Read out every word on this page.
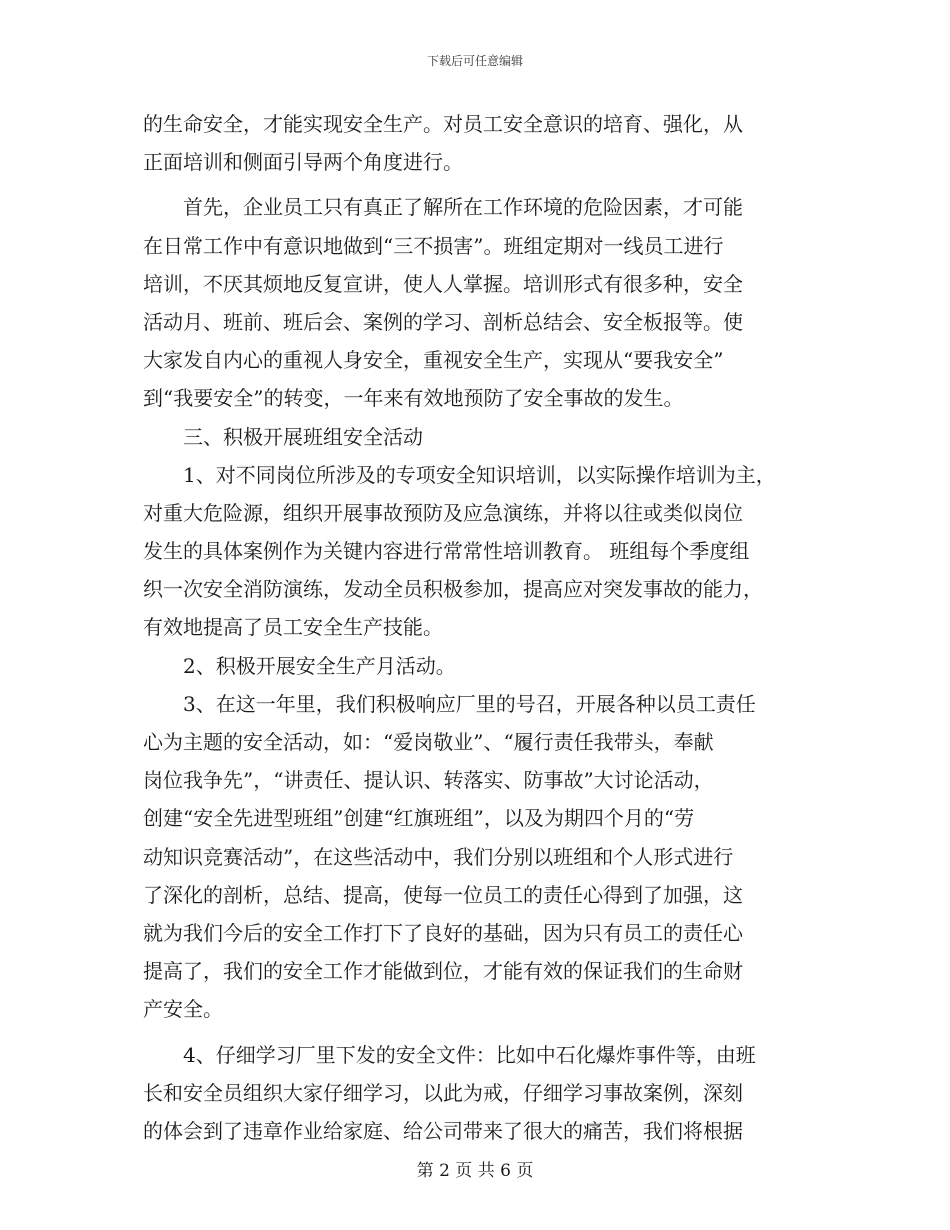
下载后可任意编辑
的生命安全，才能实现安全生产。对员工安全意识的培育、强化，从
正面培训和侧面引导两个角度进行。
　　首先，企业员工只有真正了解所在工作环境的危险因素，才可能
在日常工作中有意识地做到“三不损害”。班组定期对一线员工进行
培训，不厌其烦地反复宣讲，使人人掌握。培训形式有很多种，安全
活动月、班前、班后会、案例的学习、剖析总结会、安全板报等。使
大家发自内心的重视人身安全，重视安全生产，实现从“要我安全”
到“我要安全”的转变，一年来有效地预防了安全事故的发生。
　　三、积极开展班组安全活动
　　1、对不同岗位所涉及的专项安全知识培训，以实际操作培训为主，
对重大危险源，组织开展事故预防及应急演练，并将以往或类似岗位
发生的具体案例作为关键内容进行常常性培训教育。 班组每个季度组
织一次安全消防演练，发动全员积极参加，提高应对突发事故的能力，
有效地提高了员工安全生产技能。
　　2、积极开展安全生产月活动。
　　3、在这一年里，我们积极响应厂里的号召，开展各种以员工责任
心为主题的安全活动，如：“爱岗敬业”、“履行责任我带头，奉献
岗位我争先”，“讲责任、提认识、转落实、防事故”大讨论活动，
创建“安全先进型班组”创建“红旗班组”，以及为期四个月的“劳
动知识竞赛活动”，在这些活动中，我们分别以班组和个人形式进行
了深化的剖析，总结、提高，使每一位员工的责任心得到了加强，这
就为我们今后的安全工作打下了良好的基础，因为只有员工的责任心
提高了，我们的安全工作才能做到位，才能有效的保证我们的生命财
产安全。
　　4、仔细学习厂里下发的安全文件：比如中石化爆炸事件等，由班
长和安全员组织大家仔细学习，以此为戒，仔细学习事故案例，深刻
的体会到了违章作业给家庭、给公司带来了很大的痛苦，我们将根据
第 2 页 共 6 页
